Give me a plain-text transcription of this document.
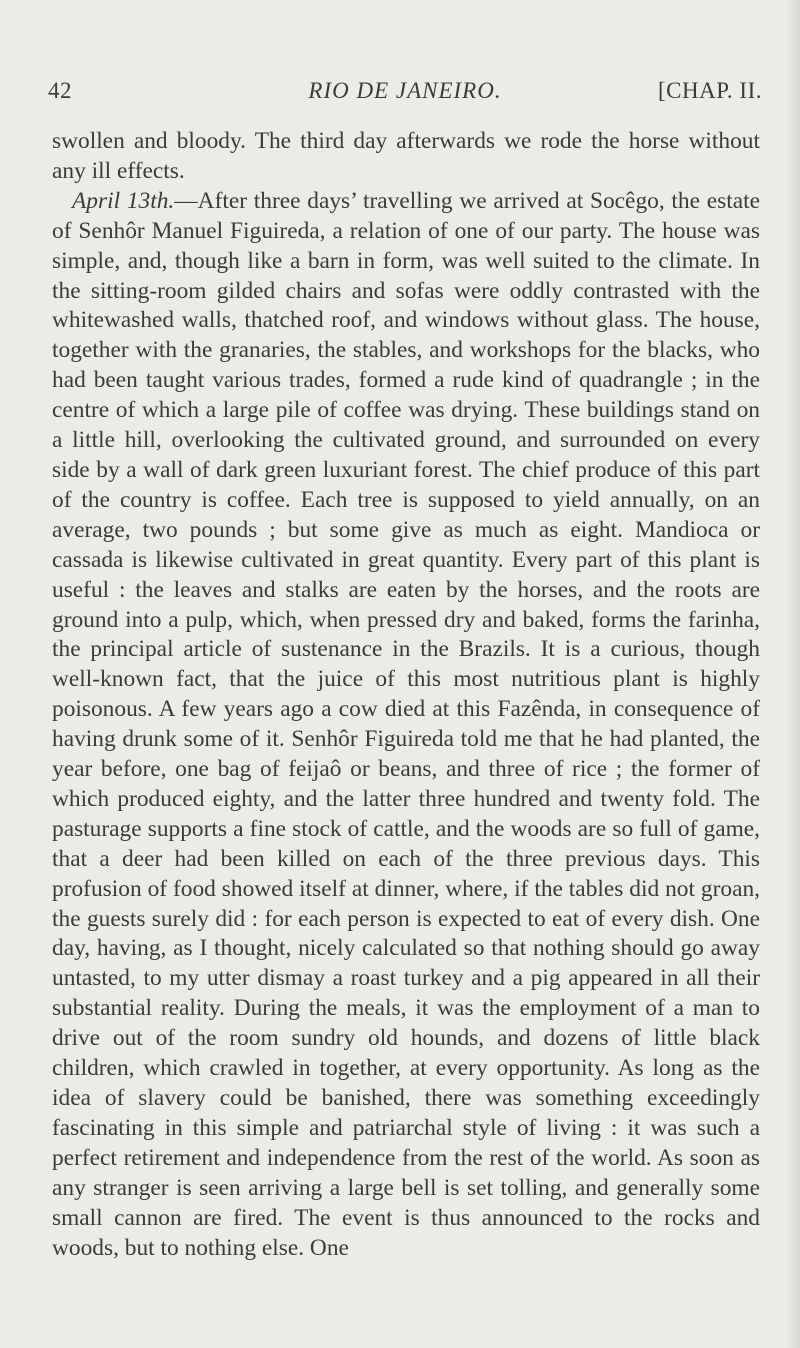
42	RIO DE JANEIRO.	[CHAP. II.

swollen and bloody. The third day afterwards we rode the horse without any ill effects.

April 13th.—After three days’ travelling we arrived at Socêgo, the estate of Senhôr Manuel Figuireda, a relation of one of our party. The house was simple, and, though like a barn in form, was well suited to the climate. In the sitting-room gilded chairs and sofas were oddly contrasted with the whitewashed walls, thatched roof, and windows without glass. The house, together with the granaries, the stables, and workshops for the blacks, who had been taught various trades, formed a rude kind of quadrangle ; in the centre of which a large pile of coffee was drying. These buildings stand on a little hill, overlooking the cultivated ground, and surrounded on every side by a wall of dark green luxuriant forest. The chief produce of this part of the country is coffee. Each tree is supposed to yield annually, on an average, two pounds ; but some give as much as eight. Mandioca or cassada is likewise cultivated in great quantity. Every part of this plant is useful : the leaves and stalks are eaten by the horses, and the roots are ground into a pulp, which, when pressed dry and baked, forms the farinha, the principal article of sustenance in the Brazils. It is a curious, though well-known fact, that the juice of this most nutritious plant is highly poisonous. A few years ago a cow died at this Fazênda, in consequence of having drunk some of it. Senhôr Figuireda told me that he had planted, the year before, one bag of feijaô or beans, and three of rice ; the former of which produced eighty, and the latter three hundred and twenty fold. The pasturage supports a fine stock of cattle, and the woods are so full of game, that a deer had been killed on each of the three previous days. This profusion of food showed itself at dinner, where, if the tables did not groan, the guests surely did : for each person is expected to eat of every dish. One day, having, as I thought, nicely calculated so that nothing should go away untasted, to my utter dismay a roast turkey and a pig appeared in all their substantial reality. During the meals, it was the employment of a man to drive out of the room sundry old hounds, and dozens of little black children, which crawled in together, at every opportunity. As long as the idea of slavery could be banished, there was something exceedingly fascinating in this simple and patriarchal style of living : it was such a perfect retirement and independence from the rest of the world. As soon as any stranger is seen arriving a large bell is set tolling, and generally some small cannon are fired. The event is thus announced to the rocks and woods, but to nothing else. One
